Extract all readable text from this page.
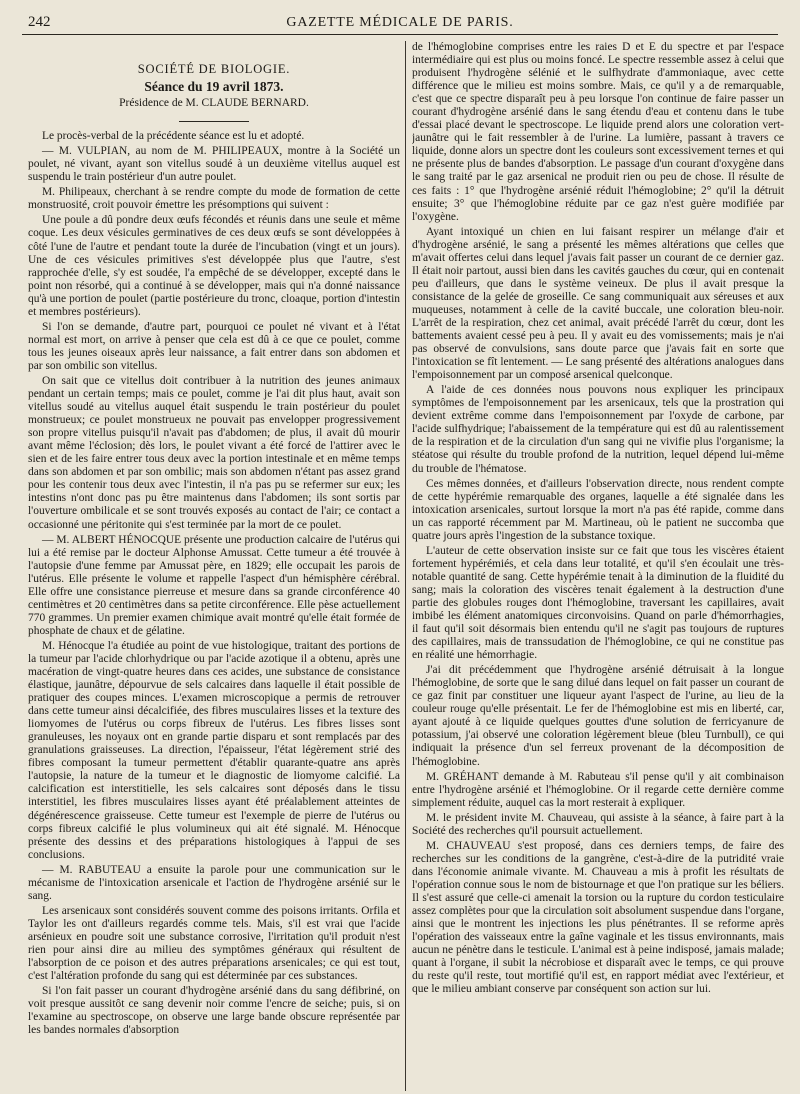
242	GAZETTE MÉDICALE DE PARIS.
SOCIÉTÉ DE BIOLOGIE.
Séance du 19 avril 1873.
Présidence de M. CLAUDE BERNARD.

Le procès-verbal de la précédente séance est lu et adopté.

— M. VULPIAN, au nom de M. PHILIPEAUX, montre à la Société un poulet, né vivant, ayant son vitellus soudé à un deuxième vitellus auquel est suspendu le train postérieur d'un autre poulet.

M. Philipeaux, cherchant à se rendre compte du mode de formation de cette monstruosité, croit pouvoir émettre les présomptions qui suivent :

Une poule a dû pondre deux œufs fécondés et réunis dans une seule et même coque. Les deux vésicules germinatives de ces deux œufs se sont développées à côté l'une de l'autre et pendant toute la durée de l'incubation (vingt et un jours). Une de ces vésicules primitives s'est développée plus que l'autre, s'est rapprochée d'elle, s'y est soudée, l'a empêché de se développer, excepté dans le point non résorbé, qui a continué à se développer, mais qui n'a donné naissance qu'à une portion de poulet (partie postérieure du tronc, cloaque, portion d'intestin et membres postérieurs).

Si l'on se demande, d'autre part, pourquoi ce poulet né vivant et à l'état normal est mort, on arrive à penser que cela est dû à ce que ce poulet, comme tous les jeunes oiseaux après leur naissance, a fait entrer dans son abdomen et par son ombilic son vitellus.

On sait que ce vitellus doit contribuer à la nutrition des jeunes animaux pendant un certain temps; mais ce poulet, comme je l'ai dit plus haut, avait son vitellus soudé au vitellus auquel était suspendu le train postérieur du poulet monstrueux; ce poulet monstrueux ne pouvait pas envelopper progressivement son propre vitellus puisqu'il n'avait pas d'abdomen; de plus, il avait dû mourir avant même l'éclosion; dès lors, le poulet vivant a été forcé de l'attirer avec le sien et de les faire entrer tous deux avec la portion intestinale et en même temps dans son abdomen et par son ombilic; mais son abdomen n'étant pas assez grand pour les contenir tous deux avec l'intestin, il n'a pas pu se refermer sur eux; les intestins n'ont donc pas pu être maintenus dans l'abdomen; ils sont sortis par l'ouverture ombilicale et se sont trouvés exposés au contact de l'air; ce contact a occasionné une péritonite qui s'est terminée par la mort de ce poulet.

— M. ALBERT HÉNOCQUE présente une production calcaire de l'utérus qui lui a été remise par le docteur Alphonse Amussat. Cette tumeur a été trouvée à l'autopsie d'une femme par Amussat père, en 1829; elle occupait les parois de l'utérus. Elle présente le volume et rappelle l'aspect d'un hémisphère cérébral. Elle offre une consistance pierreuse et mesure dans sa grande circonférence 40 centimètres et 20 centimètres dans sa petite circonférence. Elle pèse actuellement 770 grammes. Un premier examen chimique avait montré qu'elle était formée de phosphate de chaux et de gélatine.

M. Hénocque l'a étudiée au point de vue histologique, traitant des portions de la tumeur par l'acide chlorhydrique ou par l'acide azotique il a obtenu, après une macération de vingt-quatre heures dans ces acides, une substance de consistance élastique, jaunâtre, dépourvue de sels calcaires dans laquelle il était possible de pratiquer des coupes minces. L'examen microscopique a permis de retrouver dans cette tumeur ainsi décalcifiée, des fibres musculaires lisses et la texture des liomyomes de l'utérus ou corps fibreux de l'utérus. Les fibres lisses sont granuleuses, les noyaux ont en grande partie disparu et sont remplacés par des granulations graisseuses. La direction, l'épaisseur, l'état légèrement strié des fibres composant la tumeur permettent d'établir quarante-quatre ans après l'autopsie, la nature de la tumeur et le diagnostic de liomyome calcifié. La calcification est interstitielle, les sels calcaires sont déposés dans le tissu interstitiel, les fibres musculaires lisses ayant été préalablement atteintes de dégénérescence graisseuse. Cette tumeur est l'exemple de pierre de l'utérus ou corps fibreux calcifié le plus volumineux qui ait été signalé. M. Hénocque présente des dessins et des préparations histologiques à l'appui de ses conclusions.

— M. RABUTEAU a ensuite la parole pour une communication sur le mécanisme de l'intoxication arsenicale et l'action de l'hydrogène arsénié sur le sang.

Les arsenicaux sont considérés souvent comme des poisons irritants. Orfila et Taylor les ont d'ailleurs regardés comme tels. Mais, s'il est vrai que l'acide arsénieux en poudre soit une substance corrosive, l'irritation qu'il produit n'est rien pour ainsi dire au milieu des symptômes généraux qui résultent de l'absorption de ce poison et des autres préparations arsenicales; ce qui est tout, c'est l'altération profonde du sang qui est déterminée par ces substances.

Si l'on fait passer un courant d'hydrogène arsénié dans du sang défibriné, on voit presque aussitôt ce sang devenir noir comme l'encre de seiche; puis, si on l'examine au spectroscope, on observe une large bande obscure représentée par les bandes normales d'absorption

de l'hémoglobine comprises entre les raies D et E du spectre et par l'espace intermédiaire qui est plus ou moins foncé. Le spectre ressemble assez à celui que produisent l'hydrogène sélénié et le sulfhydrate d'ammoniaque, avec cette différence que le milieu est moins sombre. Mais, ce qu'il y a de remarquable, c'est que ce spectre disparaît peu à peu lorsque l'on continue de faire passer un courant d'hydrogène arsénié dans le sang étendu d'eau et contenu dans le tube d'essai placé devant le spectroscope. Le liquide prend alors une coloration vert-jaunâtre qui le fait ressembler à de l'urine. La lumière, passant à travers ce liquide, donne alors un spectre dont les couleurs sont excessivement ternes et qui ne présente plus de bandes d'absorption. Le passage d'un courant d'oxygène dans le sang traité par le gaz arsenical ne produit rien ou peu de chose. Il résulte de ces faits : 1° que l'hydrogène arsénié réduit l'hémoglobine; 2° qu'il la détruit ensuite; 3° que l'hémoglobine réduite par ce gaz n'est guère modifiée par l'oxygène.

Ayant intoxiqué un chien en lui faisant respirer un mélange d'air et d'hydrogène arsénié, le sang a présenté les mêmes altérations que celles que m'avait offertes celui dans lequel j'avais fait passer un courant de ce dernier gaz. Il était noir partout, aussi bien dans les cavités gauches du cœur, qui en contenait peu d'ailleurs, que dans le système veineux. De plus il avait presque la consistance de la gelée de groseille. Ce sang communiquait aux séreuses et aux muqueuses, notamment à celle de la cavité buccale, une coloration bleu-noir. L'arrêt de la respiration, chez cet animal, avait précédé l'arrêt du cœur, dont les battements avaient cessé peu à peu. Il y avait eu des vomissements; mais je n'ai pas observé de convulsions, sans doute parce que j'avais fait en sorte que l'intoxication se fît lentement. — Le sang présenté des altérations analogues dans l'empoisonnement par un composé arsenical quelconque.

A l'aide de ces données nous pouvons nous expliquer les principaux symptômes de l'empoisonnement par les arsenicaux, tels que la prostration qui devient extrême comme dans l'empoisonnement par l'oxyde de carbone, par l'acide sulfhydrique; l'abaissement de la température qui est dû au ralentissement de la respiration et de la circulation d'un sang qui ne vivifie plus l'organisme; la stéatose qui résulte du trouble profond de la nutrition, lequel dépend lui-même du trouble de l'hématose.

Ces mêmes données, et d'ailleurs l'observation directe, nous rendent compte de cette hypérémie remarquable des organes, laquelle a été signalée dans les intoxication arsenicales, surtout lorsque la mort n'a pas été rapide, comme dans un cas rapporté récemment par M. Martineau, où le patient ne succomba que quatre jours après l'ingestion de la substance toxique.

L'auteur de cette observation insiste sur ce fait que tous les viscères étaient fortement hypérémiés, et cela dans leur totalité, et qu'il s'en écoulait une très-notable quantité de sang. Cette hypérémie tenait à la diminution de la fluidité du sang; mais la coloration des viscères tenait également à la destruction d'une partie des globules rouges dont l'hémoglobine, traversant les capillaires, avait imbibé les élément anatomiques circonvoisins. Quand on parle d'hémorrhagies, il faut qu'il soit désormais bien entendu qu'il ne s'agit pas toujours de ruptures des capillaires, mais de transsudation de l'hémoglobine, ce qui ne constitue pas en réalité une hémorrhagie.

J'ai dit précédemment que l'hydrogène arsénié détruisait à la longue l'hémoglobine, de sorte que le sang dilué dans lequel on fait passer un courant de ce gaz finit par constituer une liqueur ayant l'aspect de l'urine, au lieu de la couleur rouge qu'elle présentait. Le fer de l'hémoglobine est mis en liberté, car, ayant ajouté à ce liquide quelques gouttes d'une solution de ferricyanure de potassium, j'ai observé une coloration légèrement bleue (bleu Turnbull), ce qui indiquait la présence d'un sel ferreux provenant de la décomposition de l'hémoglobine.

M. GRÉHANT demande à M. Rabuteau s'il pense qu'il y ait combinaison entre l'hydrogène arsénié et l'hémoglobine. Or il regarde cette dernière comme simplement réduite, auquel cas la mort resterait à expliquer.

M. le président invite M. Chauveau, qui assiste à la séance, à faire part à la Société des recherches qu'il poursuit actuellement.

M. CHAUVEAU s'est proposé, dans ces derniers temps, de faire des recherches sur les conditions de la gangrène, c'est-à-dire de la putridité vraie dans l'économie animale vivante. M. Chauveau a mis à profit les résultats de l'opération connue sous le nom de bistournage et que l'on pratique sur les béliers. Il s'est assuré que celle-ci amenait la torsion ou la rupture du cordon testiculaire assez complètes pour que la circulation soit absolument suspendue dans l'organe, ainsi que le montrent les injections les plus pénétrantes. Il se reforme après l'opération des vaisseaux entre la gaîne vaginale et les tissus environnants, mais aucun ne pénètre dans le testicule. L'animal est à peine indisposé, jamais malade; quant à l'organe, il subit la nécrobiose et disparaît avec le temps, ce qui prouve du reste qu'il reste, tout mortifié qu'il est, en rapport médiat avec l'extérieur, et que le milieu ambiant conserve par conséquent son action sur lui.
